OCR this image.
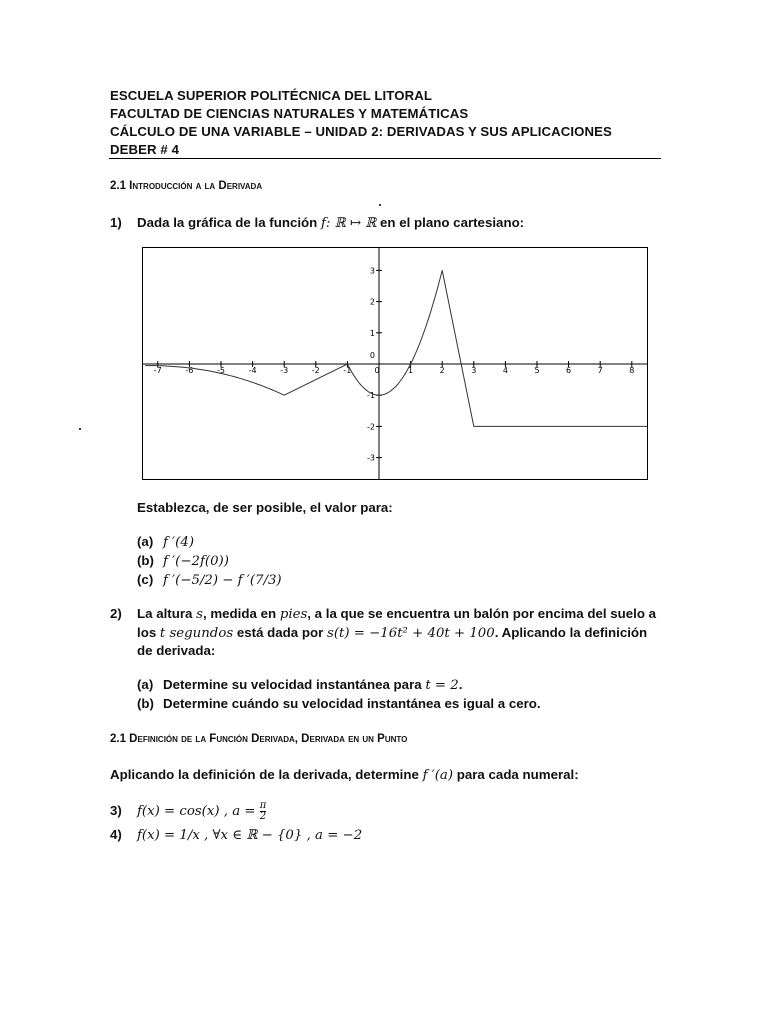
ESCUELA SUPERIOR POLITÉCNICA DEL LITORAL
FACULTAD DE CIENCIAS NATURALES Y MATEMÁTICAS
CÁLCULO DE UNA VARIABLE – UNIDAD 2: DERIVADAS Y SUS APLICACIONES
DEBER # 4
2.1 Introducción a la Derivada
1) Dada la gráfica de la función f: ℝ ↦ ℝ en el plano cartesiano:
-7	-6	-5	-4	-3	-2	-1	0	1	2	3	4	5	6	7	8
3
2
1
0
-1
-2
-3
Establezca, de ser posible, el valor para:
(a) f ′(4)
(b) f ′(−2f(0))
(c) f ′(−5/2) − f ′(7/3)
2) La altura s, medida en pies, a la que se encuentra un balón por encima del suelo a
los t segundos está dada por s(t) = −16t² + 40t + 100. Aplicando la definición
de derivada:
(a) Determine su velocidad instantánea para t = 2.
(b) Determine cuándo su velocidad instantánea es igual a cero.
2.1 Definición de la Función Derivada, Derivada en un Punto
Aplicando la definición de la derivada, determine f ′(a) para cada numeral:
3) f(x) = cos(x) , $a = \frac{\pi}{2}$
4) f(x) = 1/x , ∀x ∈ ℝ − {0} , a = −2
